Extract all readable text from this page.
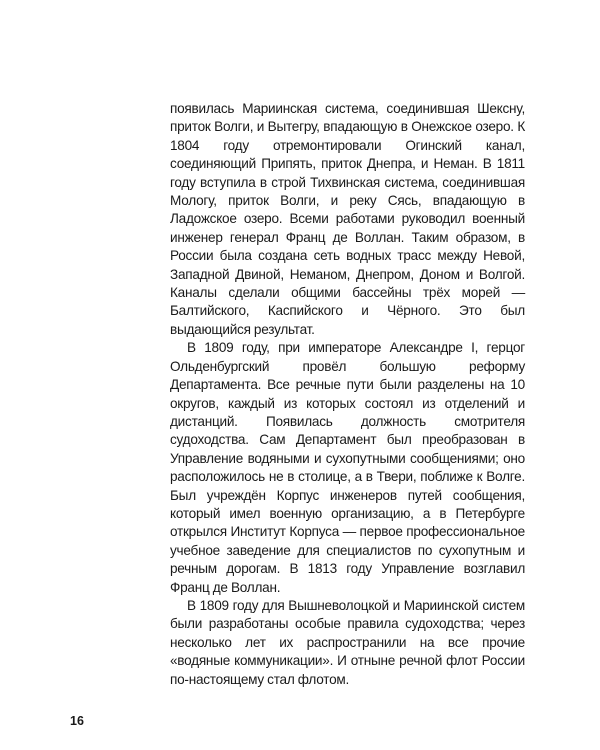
появилась Мариинская система, соединившая Шексну, приток Волги, и Вытегру, впадающую в Онежское озеро. К 1804 году отремонтировали Огинский канал, соединяющий Припять, приток Днепра, и Неман. В 1811 году вступила в строй Тихвинская система, соединившая Мологу, приток Волги, и реку Сясь, впадающую в Ладожское озеро. Всеми работами руководил военный инженер генерал Франц де Воллан. Таким образом, в России была создана сеть водных трасс между Невой, Западной Двиной, Неманом, Днепром, Доном и Волгой. Каналы сделали общими бассейны трёх морей — Балтийского, Каспийского и Чёрного. Это был выдающийся результат.

В 1809 году, при императоре Александре I, герцог Ольденбургский провёл большую реформу Департамента. Все речные пути были разделены на 10 округов, каждый из которых состоял из отделений и дистанций. Появилась должность смотрителя судоходства. Сам Департамент был преобразован в Управление водяными и сухопутными сообщениями; оно расположилось не в столице, а в Твери, поближе к Волге. Был учреждён Корпус инженеров путей сообщения, который имел военную организацию, а в Петербурге открылся Институт Корпуса — первое профессиональное учебное заведение для специалистов по сухопутным и речным дорогам. В 1813 году Управление возглавил Франц де Воллан.

В 1809 году для Вышневолоцкой и Мариинской систем были разработаны особые правила судоходства; через несколько лет их распространили на все прочие «водяные коммуникации». И отныне речной флот России по-настоящему стал флотом.

16
